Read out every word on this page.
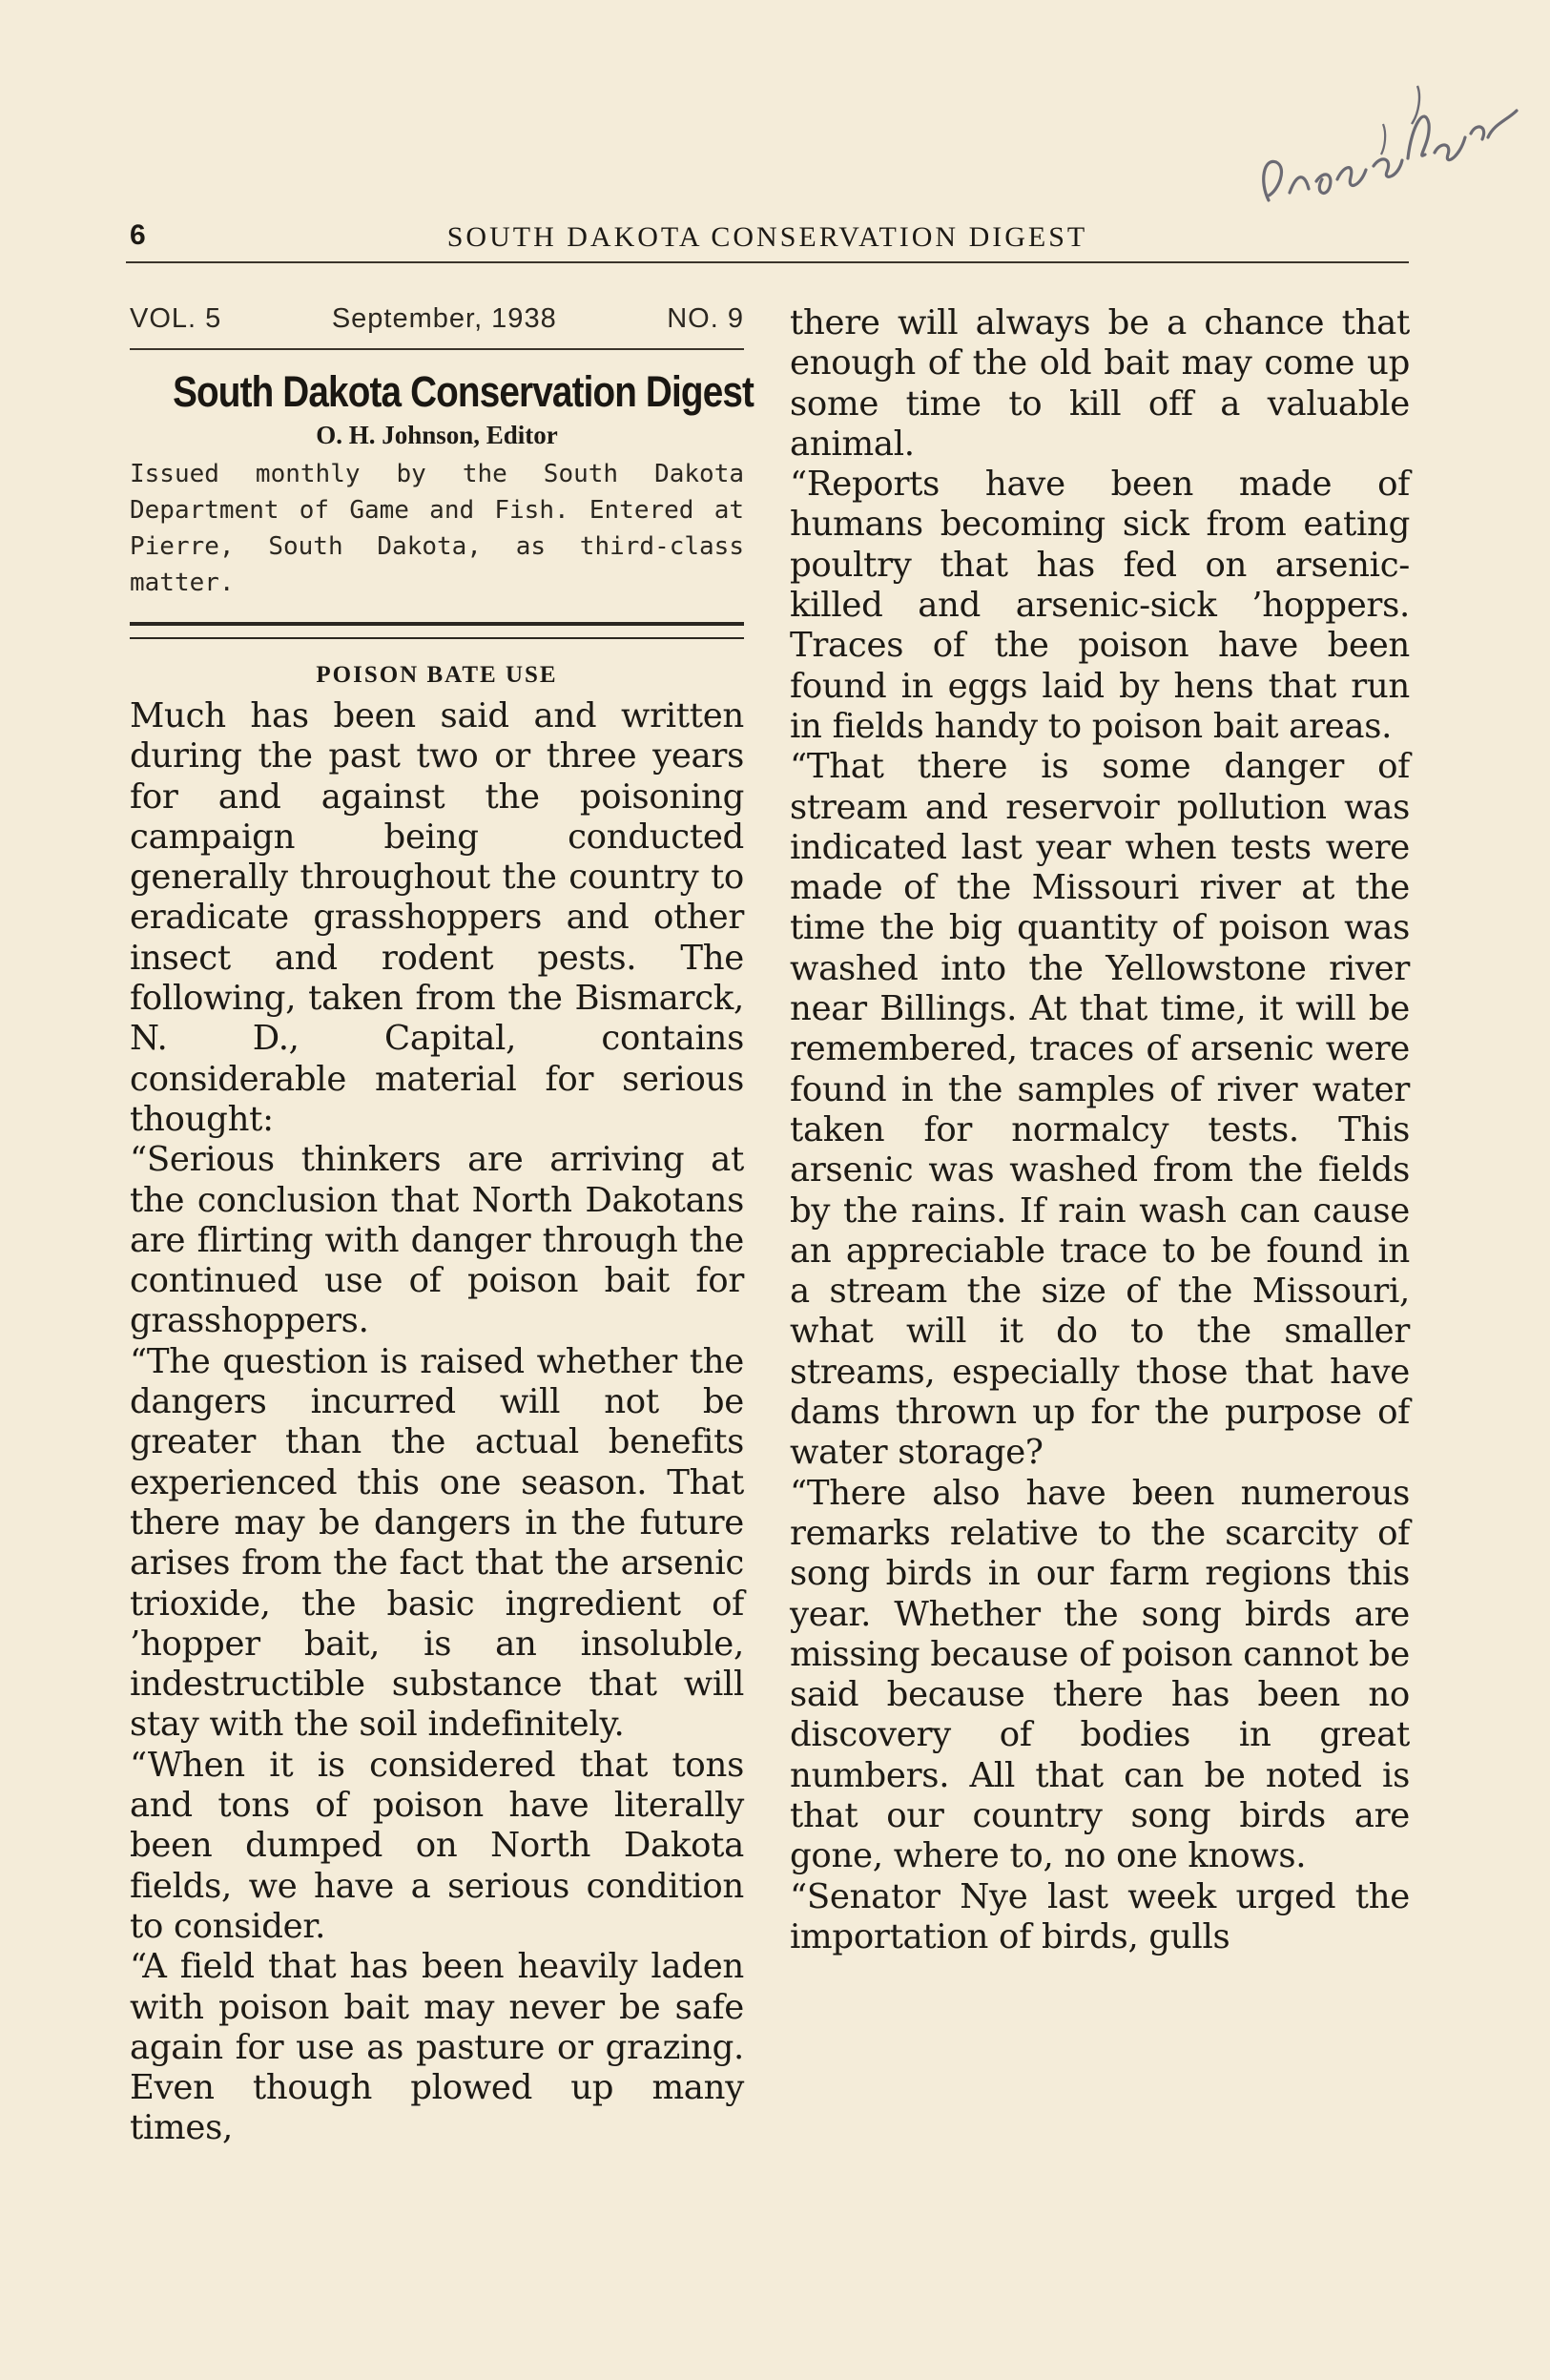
6	SOUTH DAKOTA CONSERVATION DIGEST
VOL. 5	September, 1938	NO. 9
South Dakota Conservation Digest
O. H. Johnson, Editor
Issued monthly by the South Dakota Department of Game and Fish. Entered at Pierre, South Dakota, as third-class matter.
POISON BATE USE

Much has been said and written during the past two or three years for and against the poisoning campaign being conducted generally throughout the country to eradicate grasshoppers and other insect and rodent pests. The following, taken from the Bismarck, N. D., Capital, contains considerable material for serious thought:

“Serious thinkers are arriving at the conclusion that North Dakotans are flirting with danger through the continued use of poison bait for grasshoppers.

“The question is raised whether the dangers incurred will not be greater than the actual benefits experienced this one season. That there may be dangers in the future arises from the fact that the arsenic trioxide, the basic ingredient of ’hopper bait, is an insoluble, indestructible substance that will stay with the soil indefinitely.

“When it is considered that tons and tons of poison have literally been dumped on North Dakota fields, we have a serious condition to consider.

“A field that has been heavily laden with poison bait may never be safe again for use as pasture or grazing. Even though plowed up many times,

there will always be a chance that enough of the old bait may come up some time to kill off a valuable animal.

“Reports have been made of humans becoming sick from eating poultry that has fed on arsenic-killed and arsenic-sick ’hoppers. Traces of the poison have been found in eggs laid by hens that run in fields handy to poison bait areas.

“That there is some danger of stream and reservoir pollution was indicated last year when tests were made of the Missouri river at the time the big quantity of poison was washed into the Yellowstone river near Billings. At that time, it will be remembered, traces of arsenic were found in the samples of river water taken for normalcy tests. This arsenic was washed from the fields by the rains. If rain wash can cause an appreciable trace to be found in a stream the size of the Missouri, what will it do to the smaller streams, especially those that have dams thrown up for the purpose of water storage?

“There also have been numerous remarks relative to the scarcity of song birds in our farm regions this year. Whether the song birds are missing because of poison cannot be said because there has been no discovery of bodies in great numbers. All that can be noted is that our country song birds are gone, where to, no one knows.

“Senator Nye last week urged the importation of birds, gulls
